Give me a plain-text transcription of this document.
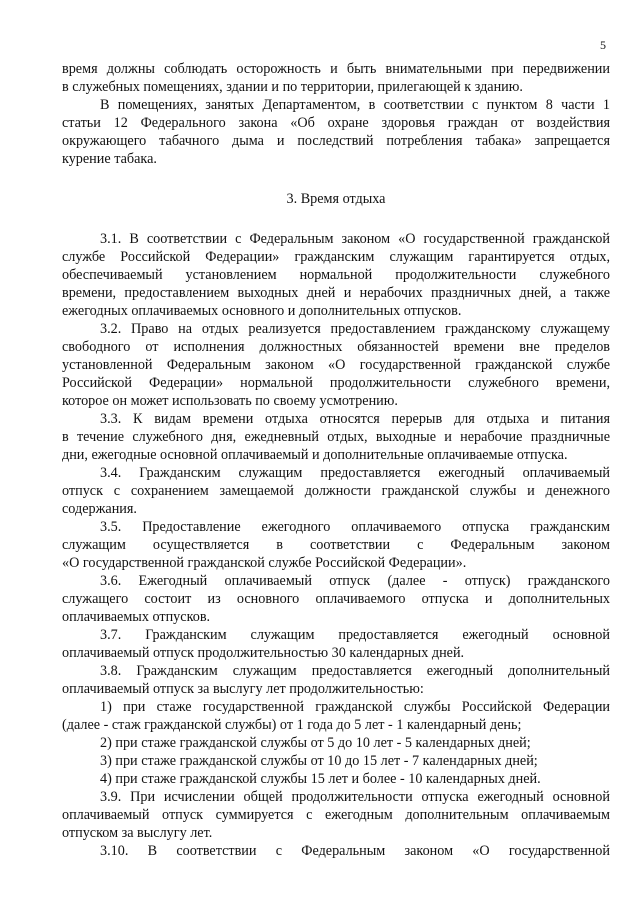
5

время должны соблюдать осторожность и быть внимательными при передвижении

в служебных помещениях, здании и по территории, прилегающей к зданию.

В помещениях, занятых Департаментом, в соответствии с пунктом 8 части 1

статьи 12 Федерального закона «Об охране здоровья граждан от воздействия

окружающего табачного дыма и последствий потребления табака» запрещается

курение табака.

3. Время отдыха

3.1. В соответствии с Федеральным законом «О государственной гражданской

службе Российской Федерации» гражданским служащим гарантируется отдых,

обеспечиваемый установлением нормальной продолжительности служебного

времени, предоставлением выходных дней и нерабочих праздничных дней, а также

ежегодных оплачиваемых основного и дополнительных отпусков.

3.2. Право на отдых реализуется предоставлением гражданскому служащему

свободного от исполнения должностных обязанностей времени вне пределов

установленной Федеральным законом «О государственной гражданской службе

Российской Федерации» нормальной продолжительности служебного времени,

которое он может использовать по своему усмотрению.

3.3. К видам времени отдыха относятся перерыв для отдыха и питания

в течение служебного дня, ежедневный отдых, выходные и нерабочие праздничные

дни, ежегодные основной оплачиваемый и дополнительные оплачиваемые отпуска.

3.4. Гражданским служащим предоставляется ежегодный оплачиваемый

отпуск с сохранением замещаемой должности гражданской службы и денежного

содержания.

3.5. Предоставление ежегодного оплачиваемого отпуска гражданским

служащим осуществляется в соответствии с Федеральным законом

«О государственной гражданской службе Российской Федерации».

3.6. Ежегодный оплачиваемый отпуск (далее - отпуск) гражданского

служащего состоит из основного оплачиваемого отпуска и дополнительных

оплачиваемых отпусков.

3.7. Гражданским служащим предоставляется ежегодный основной

оплачиваемый отпуск продолжительностью 30 календарных дней.

3.8. Гражданским служащим предоставляется ежегодный дополнительный

оплачиваемый отпуск за выслугу лет продолжительностью:

1) при стаже государственной гражданской службы Российской Федерации

(далее - стаж гражданской службы) от 1 года до 5 лет - 1 календарный день;

2) при стаже гражданской службы от 5 до 10 лет - 5 календарных дней;

3) при стаже гражданской службы от 10 до 15 лет - 7 календарных дней;

4) при стаже гражданской службы 15 лет и более - 10 календарных дней.

3.9. При исчислении общей продолжительности отпуска ежегодный основной

оплачиваемый отпуск суммируется с ежегодным дополнительным оплачиваемым

отпуском за выслугу лет.

3.10. В соответствии с Федеральным законом «О государственной
